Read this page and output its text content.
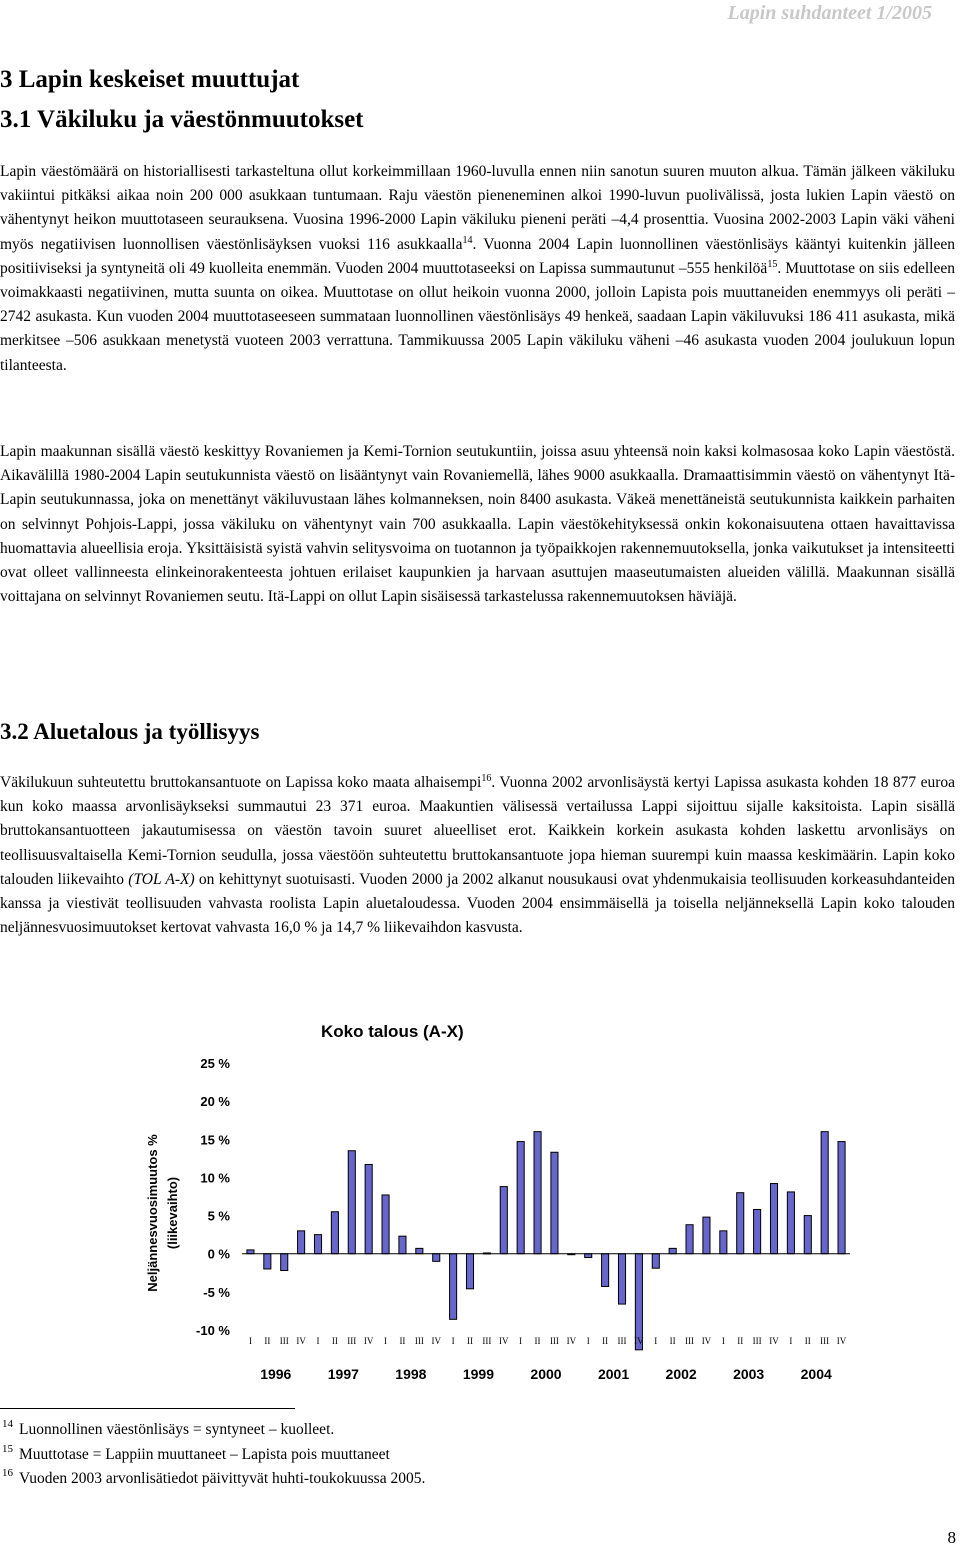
Lapin suhdanteet 1/2005
3 Lapin keskeiset muuttujat
3.1 Väkiluku ja väestönmuutokset
Lapin väestömäärä on historiallisesti tarkasteltuna ollut korkeimmillaan 1960-luvulla ennen niin sanotun suuren muuton alkua. Tämän jälkeen väkiluku vakiintui pitkäksi aikaa noin 200 000 asukkaan tuntumaan. Raju väestön pieneneminen alkoi 1990-luvun puolivälissä, josta lukien Lapin väestö on vähentynyt heikon muuttotaseen seurauksena. Vuosina 1996-2000 Lapin väkiluku pieneni peräti –4,4 prosenttia. Vuosina 2002-2003 Lapin väki väheni myös negatiivisen luonnollisen väestönlisäyksen vuoksi 116 asukkaalla$^{14}$. Vuonna 2004 Lapin luonnollinen väestönlisäys kääntyi kuitenkin jälleen positiiviseksi ja syntyneitä oli 49 kuolleita enemmän. Vuoden 2004 muuttotaseeksi on Lapissa summautunut –555 henkilöä$^{15}$. Muuttotase on siis edelleen voimakkaasti negatiivinen, mutta suunta on oikea. Muuttotase on ollut heikoin vuonna 2000, jolloin Lapista pois muuttaneiden enemmyys oli peräti –2742 asukasta. Kun vuoden 2004 muuttotaseeseen summataan luonnollinen väestönlisäys 49 henkeä, saadaan Lapin väkiluvuksi 186 411 asukasta, mikä merkitsee –506 asukkaan menetystä vuoteen 2003 verrattuna. Tammikuussa 2005 Lapin väkiluku väheni –46 asukasta vuoden 2004 joulukuun lopun tilanteesta.
Lapin maakunnan sisällä väestö keskittyy Rovaniemen ja Kemi-Tornion seutukuntiin, joissa asuu yhteensä noin kaksi kolmasosaa koko Lapin väestöstä. Aikavälillä 1980-2004 Lapin seutukunnista väestö on lisääntynyt vain Rovaniemellä, lähes 9000 asukkaalla. Dramaattisimmin väestö on vähentynyt Itä-Lapin seutukunnassa, joka on menettänyt väkiluvustaan lähes kolmanneksen, noin 8400 asukasta. Väkeä menettäneistä seutukunnista kaikkein parhaiten on selvinnyt Pohjois-Lappi, jossa väkiluku on vähentynyt vain 700 asukkaalla. Lapin väestökehityksessä onkin kokonaisuutena ottaen havaittavissa huomattavia alueellisia eroja. Yksittäisistä syistä vahvin selitysvoima on tuotannon ja työpaikkojen rakennemuutoksella, jonka vaikutukset ja intensiteetti ovat olleet vallinneesta elinkeinorakenteesta johtuen erilaiset kaupunkien ja harvaan asuttujen maaseutumaisten alueiden välillä. Maakunnan sisällä voittajana on selvinnyt Rovaniemen seutu. Itä-Lappi on ollut Lapin sisäisessä tarkastelussa rakennemuutoksen häviäjä.
3.2 Aluetalous ja työllisyys
Väkilukuun suhteutettu bruttokansantuote on Lapissa koko maata alhaisempi$^{16}$. Vuonna 2002 arvonlisäystä kertyi Lapissa asukasta kohden 18 877 euroa kun koko maassa arvonlisäykseksi summautui 23 371 euroa. Maakuntien välisessä vertailussa Lappi sijoittuu sijalle kaksitoista. Lapin sisällä bruttokansantuotteen jakautumisessa on väestön tavoin suuret alueelliset erot. Kaikkein korkein asukasta kohden laskettu arvonlisäys on teollisuusvaltaisella Kemi-Tornion seudulla, jossa väestöön suhteutettu bruttokansantuote jopa hieman suurempi kuin maassa keskimäärin. Lapin koko talouden liikevaihto (TOL A-X) on kehittynyt suotuisasti. Vuoden 2000 ja 2002 alkanut nousukausi ovat yhdenmukaisia teollisuuden korkeasuhdanteiden kanssa ja viestivät teollisuuden vahvasta roolista Lapin aluetaloudessa. Vuoden 2004 ensimmäisellä ja toisella neljänneksellä Lapin koko talouden neljännesvuosimuutokset kertovat vahvasta 16,0 % ja 14,7 % liikevaihdon kasvusta.
Koko talous (A-X)
Neljännesvuosimuutos % (liikevaihto)
25 %
20 %
15 %
10 %
5 %
0 %
-5 %
-10 %
I II III IV I II III IV I II III IV I II III IV I II III IV I II III IV I II III IV I II III IV I II III IV
1996	1997	1998	1999	2000	2001	2002	2003	2004
$^{14}$ Luonnollinen väestönlisäys = syntyneet – kuolleet.
$^{15}$ Muuttotase = Lappiin muuttaneet – Lapista pois muuttaneet
$^{16}$ Vuoden 2003 arvonlisätiedot päivittyvät huhti-toukokuussa 2005.
8
